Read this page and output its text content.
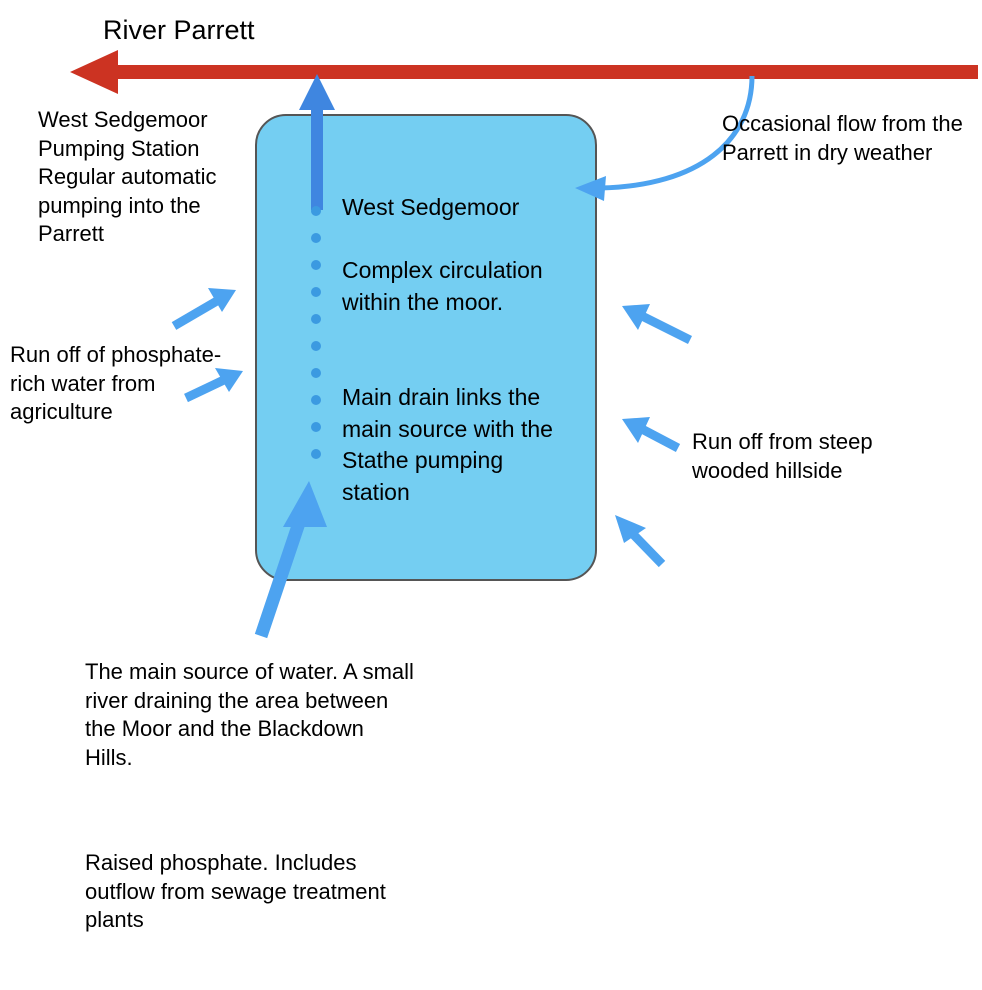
River Parrett
West Sedgemoor Pumping Station Regular automatic pumping into the Parrett
Occasional flow from the Parrett in dry weather
Run off of phosphate-rich water from agriculture
Run off from steep wooded hillside
The main source of water. A small river draining the area between the Moor and the Blackdown Hills.
Raised phosphate. Includes outflow from sewage treatment plants
West Sedgemoor
Complex circulation within the moor.
Main drain links the main source with the Stathe pumping station
